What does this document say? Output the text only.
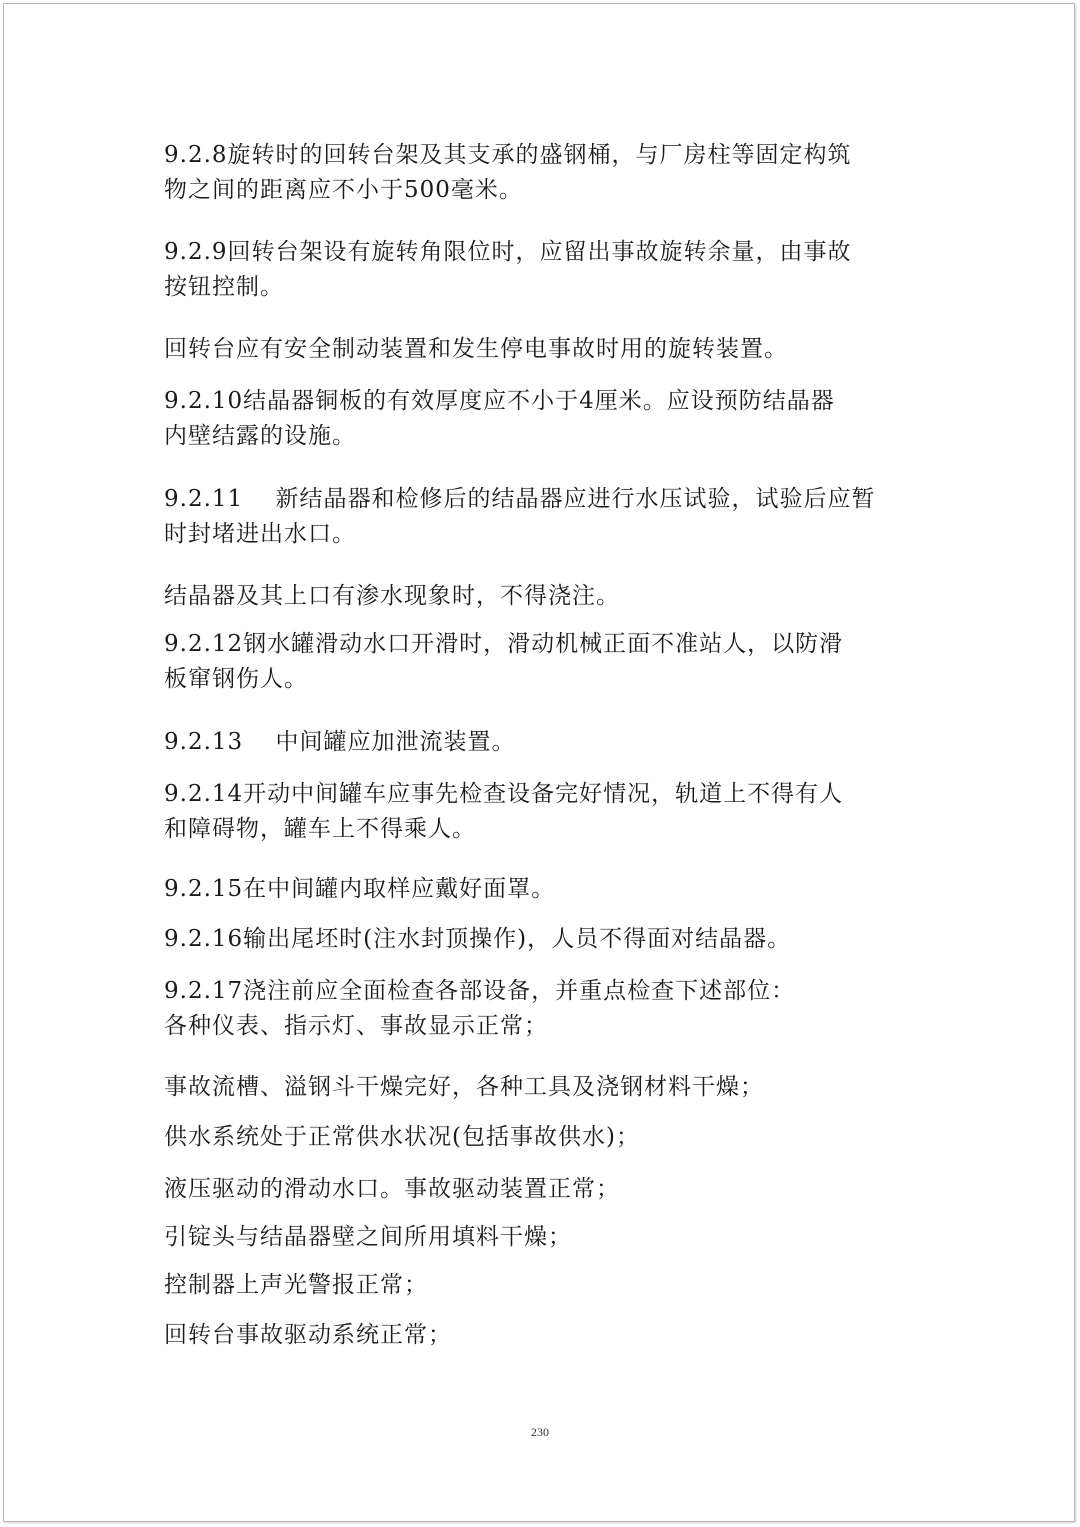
9.2.8旋转时的回转台架及其支承的盛钢桶，与厂房柱等固定构筑
物之间的距离应不小于500毫米。

9.2.9回转台架设有旋转角限位时，应留出事故旋转余量，由事故
按钮控制。

回转台应有安全制动装置和发生停电事故时用的旋转装置。

9.2.10结晶器铜板的有效厚度应不小于4厘米。应设预防结晶器
内壁结露的设施。

9.2.11　 新结晶器和检修后的结晶器应进行水压试验，试验后应暂
时封堵进出水口。

结晶器及其上口有渗水现象时，不得浇注。

9.2.12钢水罐滑动水口开滑时，滑动机械正面不准站人，以防滑
板窜钢伤人。

9.2.13　 中间罐应加泄流装置。

9.2.14开动中间罐车应事先检查设备完好情况，轨道上不得有人
和障碍物，罐车上不得乘人。

9.2.15在中间罐内取样应戴好面罩。

9.2.16输出尾坯时(注水封顶操作)，人员不得面对结晶器。

9.2.17浇注前应全面检查各部设备，并重点检查下述部位：
各种仪表、指示灯、事故显示正常；

事故流槽、溢钢斗干燥完好，各种工具及浇钢材料干燥；

供水系统处于正常供水状况(包括事故供水)；

液压驱动的滑动水口。事故驱动装置正常；

引锭头与结晶器壁之间所用填料干燥；

控制器上声光警报正常；

回转台事故驱动系统正常；

230
